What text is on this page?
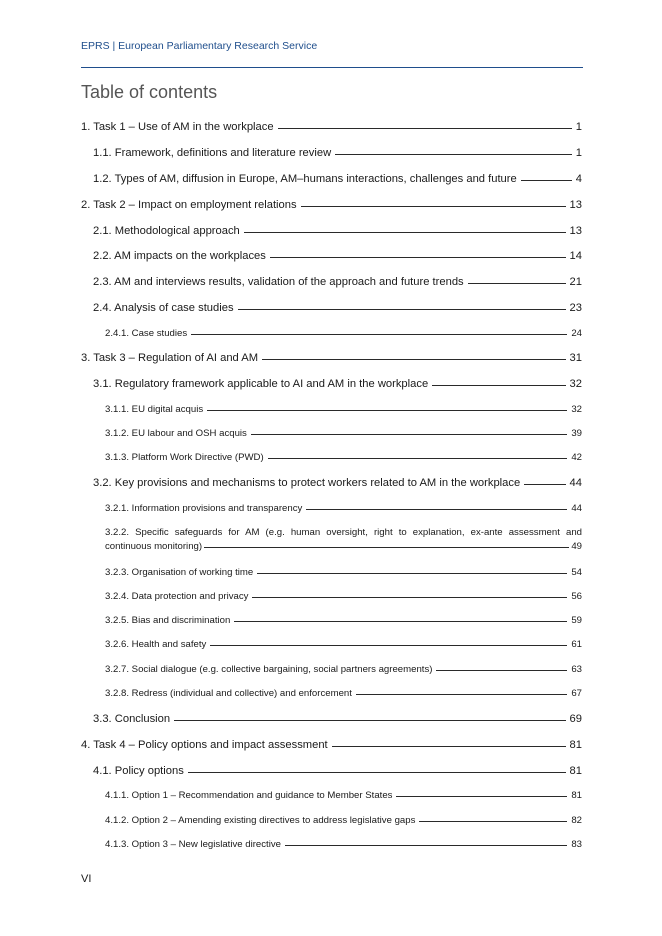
EPRS | European Parliamentary Research Service
Table of contents
1. Task 1 – Use of AM in the workplace	1
1.1. Framework, definitions and literature review	1
1.2. Types of AM, diffusion in Europe, AM–humans interactions, challenges and future	4
2. Task 2 – Impact on employment relations	13
2.1. Methodological approach	13
2.2. AM impacts on the workplaces	14
2.3. AM and interviews results, validation of the approach and future trends	21
2.4. Analysis of case studies	23
2.4.1. Case studies	24
3. Task 3 – Regulation of AI and AM	31
3.1. Regulatory framework applicable to AI and AM in the workplace	32
3.1.1. EU digital acquis	32
3.1.2. EU labour and OSH acquis	39
3.1.3. Platform Work Directive (PWD)	42
3.2. Key provisions and mechanisms to protect workers related to AM in the workplace	44
3.2.1. Information provisions and transparency	44
3.2.2. Specific safeguards for AM (e.g. human oversight, right to explanation, ex-ante assessment and
continuous monitoring)	49
3.2.3. Organisation of working time	54
3.2.4. Data protection and privacy	56
3.2.5. Bias and discrimination	59
3.2.6. Health and safety	61
3.2.7. Social dialogue (e.g. collective bargaining, social partners agreements)	63
3.2.8. Redress (individual and collective) and enforcement	67
3.3. Conclusion	69
4. Task 4 – Policy options and impact assessment	81
4.1. Policy options	81
4.1.1. Option 1 – Recommendation and guidance to Member States	81
4.1.2. Option 2 – Amending existing directives to address legislative gaps	82
4.1.3. Option 3 – New legislative directive	83
VI
